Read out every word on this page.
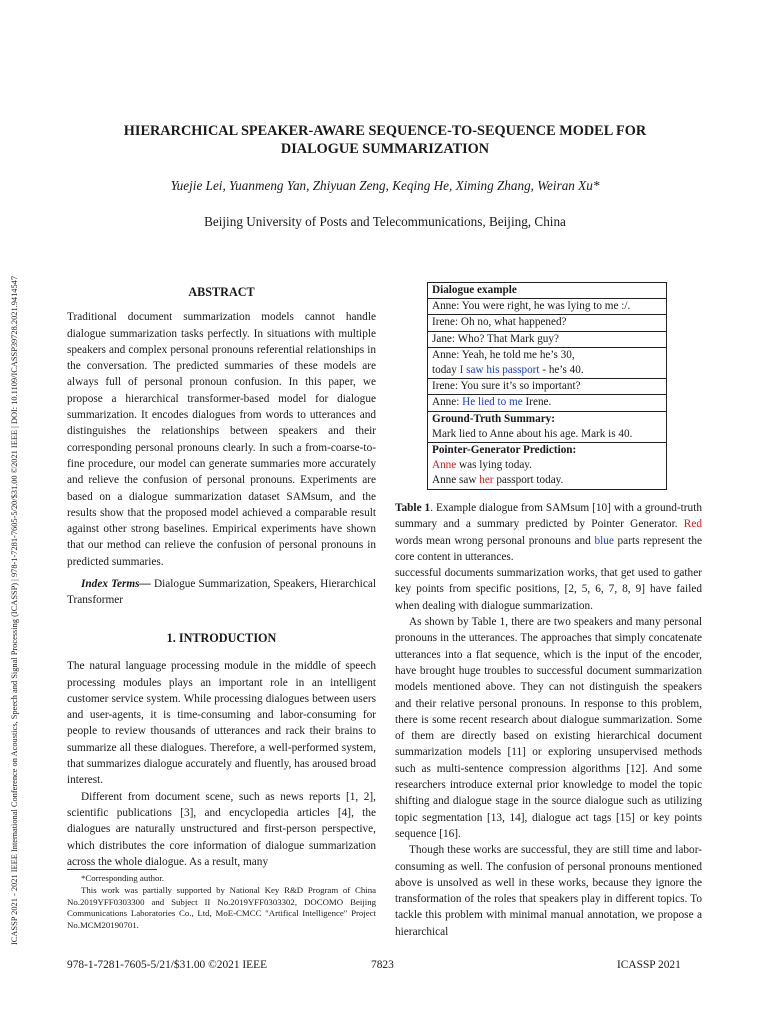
ICASSP 2021 - 2021 IEEE International Conference on Acoustics, Speech and Signal Processing (ICASSP) | 978-1-7281-7605-5/20/$31.00 ©2021 IEEE | DOI: 10.1109/ICASSP39728.2021.9414547
HIERARCHICAL SPEAKER-AWARE SEQUENCE-TO-SEQUENCE MODEL FOR
DIALOGUE SUMMARIZATION
Yuejie Lei, Yuanmeng Yan, Zhiyuan Zeng, Keqing He, Ximing Zhang, Weiran Xu*
Beijing University of Posts and Telecommunications, Beijing, China
ABSTRACT

Traditional document summarization models cannot handle dialogue summarization tasks perfectly. In situations with multiple speakers and complex personal pronouns referential relationships in the conversation. The predicted summaries of these models are always full of personal pronoun confusion. In this paper, we propose a hierarchical transformer-based model for dialogue summarization. It encodes dialogues from words to utterances and distinguishes the relationships between speakers and their corresponding personal pronouns clearly. In such a from-coarse-to-fine procedure, our model can generate summaries more accurately and relieve the confusion of personal pronouns. Experiments are based on a dialogue summarization dataset SAMsum, and the results show that the proposed model achieved a comparable result against other strong baselines. Empirical experiments have shown that our method can relieve the confusion of personal pronouns in predicted summaries.

Index Terms— Dialogue Summarization, Speakers, Hierarchical Transformer

1. INTRODUCTION

The natural language processing module in the middle of speech processing modules plays an important role in an intelligent customer service system. While processing dialogues between users and user-agents, it is time-consuming and labor-consuming for people to review thousands of utterances and rack their brains to summarize all these dialogues. Therefore, a well-performed system, that summarizes dialogue accurately and fluently, has aroused broad interest.

Different from document scene, such as news reports [1, 2], scientific publications [3], and encyclopedia articles [4], the dialogues are naturally unstructured and first-person perspective, which distributes the core information of dialogue summarization across the whole dialogue. As a result, many

*Corresponding author.

This work was partially supported by National Key R&D Program of China No.2019YFF0303300 and Subject II No.2019YFF0303302, DOCOMO Beijing Communications Laboratories Co., Ltd, MoE-CMCC "Artifical Intelligence" Project No.MCM20190701.

Dialogue example
Anne: You were right, he was lying to me :/.
Irene: Oh no, what happened?
Jane: Who? That Mark guy?

Anne: Yeah, he told me he’s 30,
today I saw his passport - he’s 40.

Irene: You sure it’s so important?
Anne: He lied to me Irene.

Ground-Truth Summary:
Mark lied to Anne about his age. Mark is 40.

Pointer-Generator Prediction:
Anne was lying today.
Anne saw her passport today.

Table 1. Example dialogue from SAMsum [10] with a ground-truth summary and a summary predicted by Pointer Generator. Red words mean wrong personal pronouns and blue parts represent the core content in utterances.

successful documents summarization works, that get used to gather key points from specific positions, [2, 5, 6, 7, 8, 9] have failed when dealing with dialogue summarization.

As shown by Table 1, there are two speakers and many personal pronouns in the utterances. The approaches that simply concatenate utterances into a flat sequence, which is the input of the encoder, have brought huge troubles to successful document summarization models mentioned above. They can not distinguish the speakers and their relative personal pronouns. In response to this problem, there is some recent research about dialogue summarization. Some of them are directly based on existing hierarchical document summarization models [11] or exploring unsupervised methods such as multi-sentence compression algorithms [12]. And some researchers introduce external prior knowledge to model the topic shifting and dialogue stage in the source dialogue such as utilizing topic segmentation [13, 14], dialogue act tags [15] or key points sequence [16].

Though these works are successful, they are still time and labor-consuming as well. The confusion of personal pronouns mentioned above is unsolved as well in these works, because they ignore the transformation of the roles that speakers play in different topics. To tackle this problem with minimal manual annotation, we propose a hierarchical

978-1-7281-7605-5/21/$31.00 ©2021 IEEE	7823	ICASSP 2021
